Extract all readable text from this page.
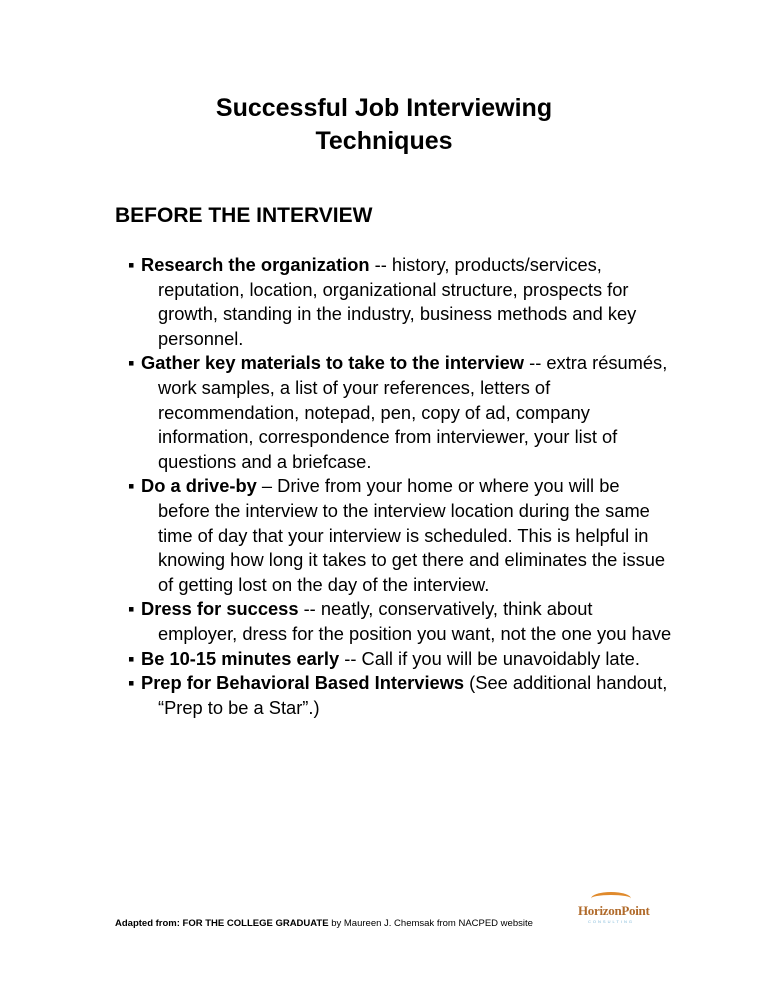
Successful Job Interviewing
Techniques
BEFORE THE INTERVIEW
▪ Research the organization -- history, products/services, reputation, location, organizational structure, prospects for growth, standing in the industry, business methods and key personnel.
▪ Gather key materials to take to the interview -- extra résumés, work samples, a list of your references, letters of recommendation, notepad, pen, copy of ad, company information, correspondence from interviewer, your list of questions and a briefcase.
▪ Do a drive-by – Drive from your home or where you will be before the interview to the interview location during the same time of day that your interview is scheduled. This is helpful in knowing how long it takes to get there and eliminates the issue of getting lost on the day of the interview.
▪ Dress for success -- neatly, conservatively, think about employer, dress for the position you want, not the one you have
▪ Be 10-15 minutes early -- Call if you will be unavoidably late.
▪ Prep for Behavioral Based Interviews (See additional handout, “Prep to be a Star”.)
Adapted from: FOR THE COLLEGE GRADUATE by Maureen J. Chemsak from NACPED website
HorizonPoint
CONSULTING
